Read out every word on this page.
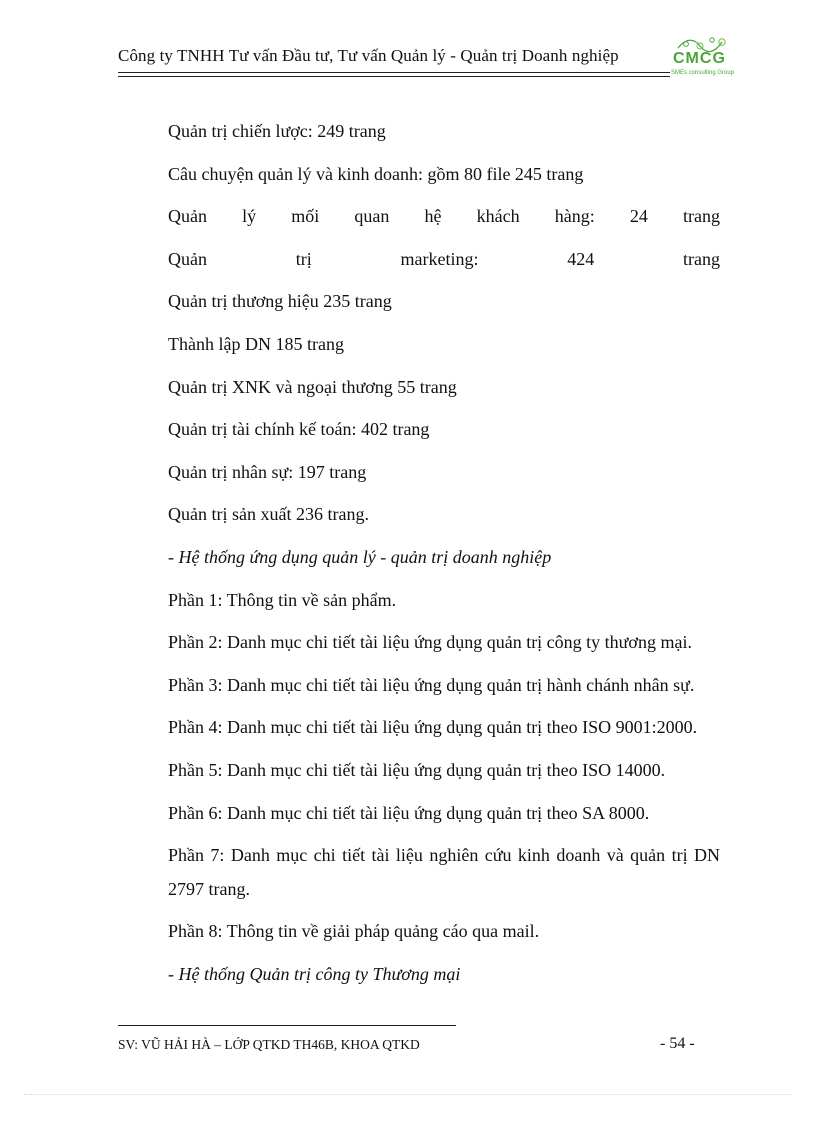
Công ty TNHH Tư vấn Đầu tư, Tư vấn Quản lý - Quản trị Doanh nghiệp	CMCG
SMEs consulting Group
Quản trị chiến lược: 249 trang
Câu chuyện quản lý và kinh doanh: gồm 80 file 245 trang
Quản lý mối quan hệ khách hàng: 24 trang
Quản	trị	marketing:	424	trang
Quản trị thương hiệu 235 trang
Thành lập DN 185 trang
Quản trị XNK và ngoại thương 55 trang
Quản trị tài chính kế toán: 402 trang
Quản trị nhân sự: 197 trang
Quản trị sản xuất 236 trang.
- Hệ thống ứng dụng quản lý - quản trị doanh nghiệp
Phần 1: Thông tin về sản phẩm.
Phần 2: Danh mục chi tiết tài liệu ứng dụng quản trị công ty thương mại.
Phần 3: Danh mục chi tiết tài liệu ứng dụng quản trị hành chánh nhân sự.
Phần 4: Danh mục chi tiết tài liệu ứng dụng quản trị theo ISO 9001:2000.
Phần 5: Danh mục chi tiết tài liệu ứng dụng quản trị theo ISO 14000.
Phần 6: Danh mục chi tiết tài liệu ứng dụng quản trị theo SA 8000.
Phần 7: Danh mục chi tiết tài liệu nghiên cứu kinh doanh và quản trị DN 2797 trang.
Phần 8: Thông tin về giải pháp quảng cáo qua mail.
- Hệ thống Quản trị công ty Thương mại
SV: VŨ HẢI HÀ – LỚP QTKD TH46B, KHOA QTKD	- 54 -
